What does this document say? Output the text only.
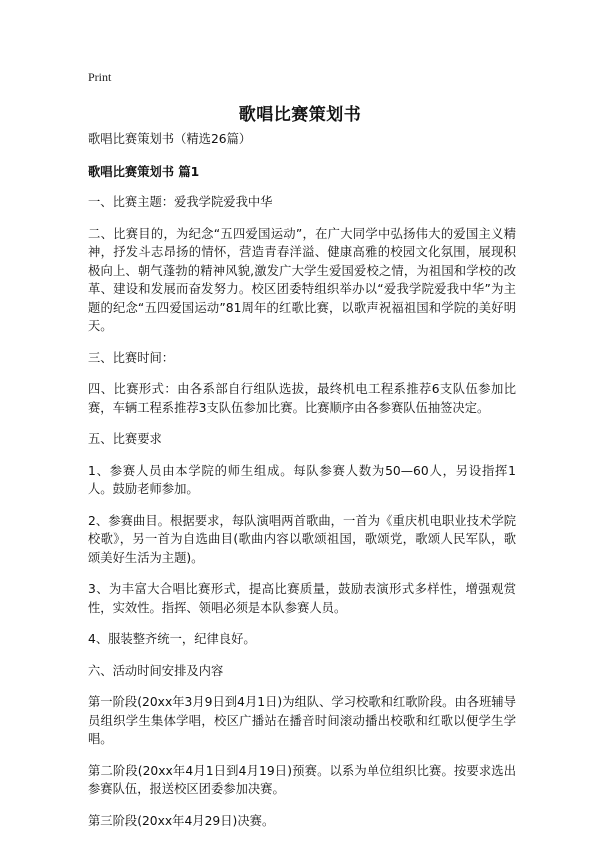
Print
歌唱比赛策划书

歌唱比赛策划书（精选26篇）

歌唱比赛策划书 篇1

一、比赛主题：爱我学院爱我中华

二、比赛目的，为纪念“五四爱国运动”，在广大同学中弘扬伟大的爱国主义精神，抒发斗志昂扬的情怀，营造青春洋溢、健康高雅的校园文化氛围，展现积极向上、朝气蓬勃的精神风貌,激发广大学生爱国爱校之情，为祖国和学校的改革、建设和发展而奋发努力。校区团委特组织举办以“爱我学院爱我中华”为主题的纪念“五四爱国运动”81周年的红歌比赛，以歌声祝福祖国和学院的美好明天。

三、比赛时间：

四、比赛形式：由各系部自行组队选拔，最终机电工程系推荐6支队伍参加比赛，车辆工程系推荐3支队伍参加比赛。比赛顺序由各参赛队伍抽签决定。

五、比赛要求

1、参赛人员由本学院的师生组成。每队参赛人数为50—60人，另设指挥1人。鼓励老师参加。

2、参赛曲目。根据要求，每队演唱两首歌曲，一首为《重庆机电职业技术学院校歌》，另一首为自选曲目(歌曲内容以歌颂祖国，歌颂党，歌颂人民军队，歌颂美好生活为主题)。

3、为丰富大合唱比赛形式，提高比赛质量，鼓励表演形式多样性，增强观赏性，实效性。指挥、领唱必须是本队参赛人员。

4、服装整齐统一，纪律良好。

六、活动时间安排及内容

第一阶段(20xx年3月9日到4月1日)为组队、学习校歌和红歌阶段。由各班辅导员组织学生集体学唱，校区广播站在播音时间滚动播出校歌和红歌以便学生学唱。

第二阶段(20xx年4月1日到4月19日)预赛。以系为单位组织比赛。按要求选出参赛队伍，报送校区团委参加决赛。

第三阶段(20xx年4月29日)决赛。
